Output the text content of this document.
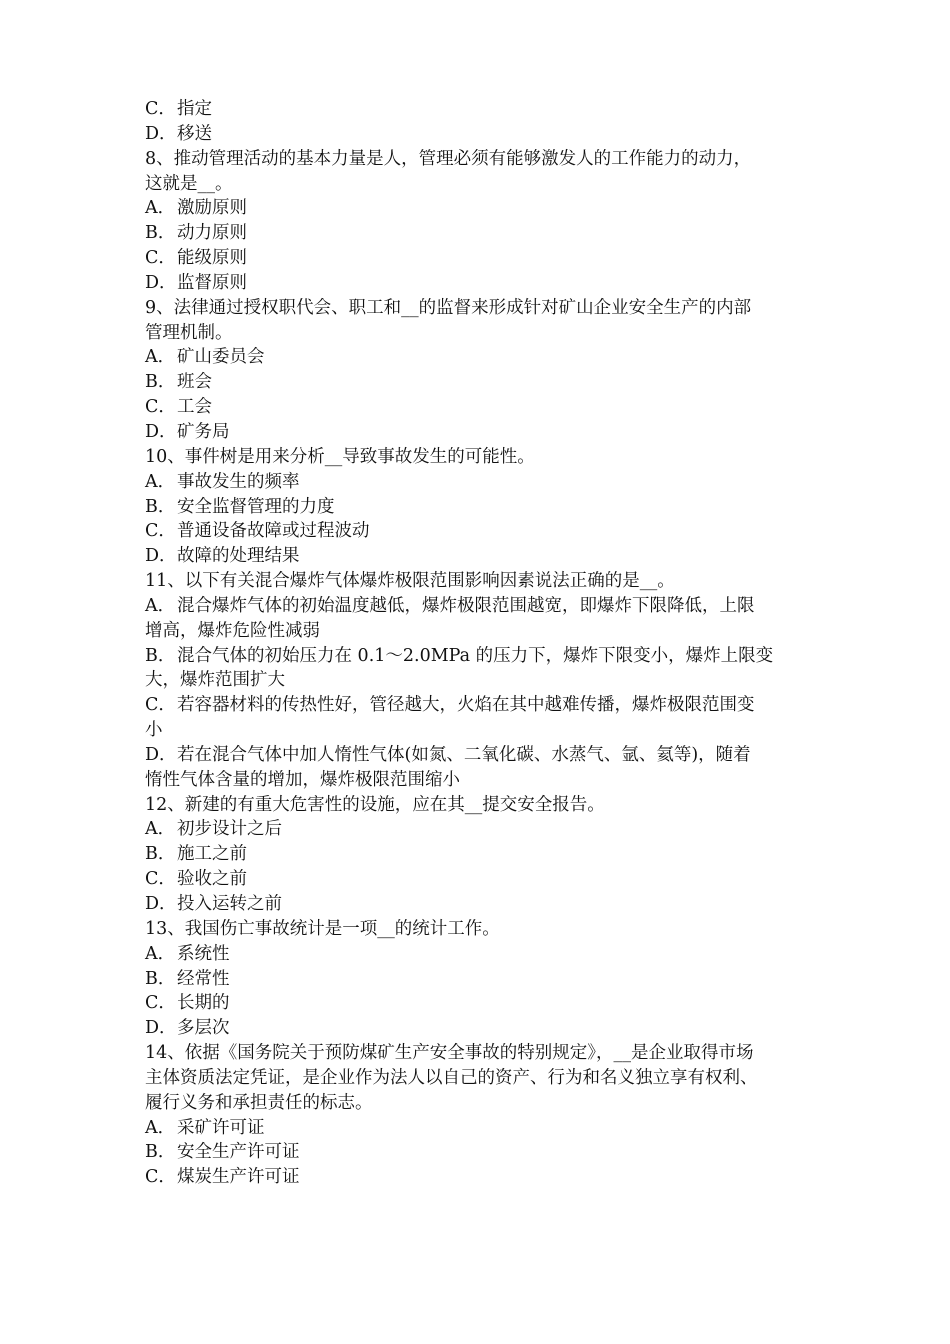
C．指定
D．移送
8、推动管理活动的基本力量是人，管理必须有能够激发人的工作能力的动力，
这就是__。
A． 激励原则
B．动力原则
C．能级原则
D．监督原则
9、法律通过授权职代会、职工和__的监督来形成针对矿山企业安全生产的内部
管理机制。
A． 矿山委员会
B．班会
C．工会
D．矿务局
10、事件树是用来分析__导致事故发生的可能性。
A． 事故发生的频率
B．安全监督管理的力度
C．普通设备故障或过程波动
D．故障的处理结果
11、以下有关混合爆炸气体爆炸极限范围影响因素说法正确的是__。
A． 混合爆炸气体的初始温度越低，爆炸极限范围越宽，即爆炸下限降低，上限
增高，爆炸危险性减弱
B．混合气体的初始压力在 0.1～2.0MPa 的压力下，爆炸下限变小，爆炸上限变
大，爆炸范围扩大
C．若容器材料的传热性好，管径越大，火焰在其中越难传播，爆炸极限范围变
小
D．若在混合气体中加人惰性气体(如氮、二氧化碳、水蒸气、氩、氦等)，随着
惰性气体含量的增加，爆炸极限范围缩小
12、新建的有重大危害性的设施，应在其__提交安全报告。
A． 初步设计之后
B．施工之前
C．验收之前
D．投入运转之前
13、我国伤亡事故统计是一项__的统计工作。
A． 系统性
B．经常性
C．长期的
D．多层次
14、依据《国务院关于预防煤矿生产安全事故的特别规定》，__是企业取得市场
主体资质法定凭证，是企业作为法人以自己的资产、行为和名义独立享有权利、
履行义务和承担责任的标志。
A． 采矿许可证
B．安全生产许可证
C．煤炭生产许可证
